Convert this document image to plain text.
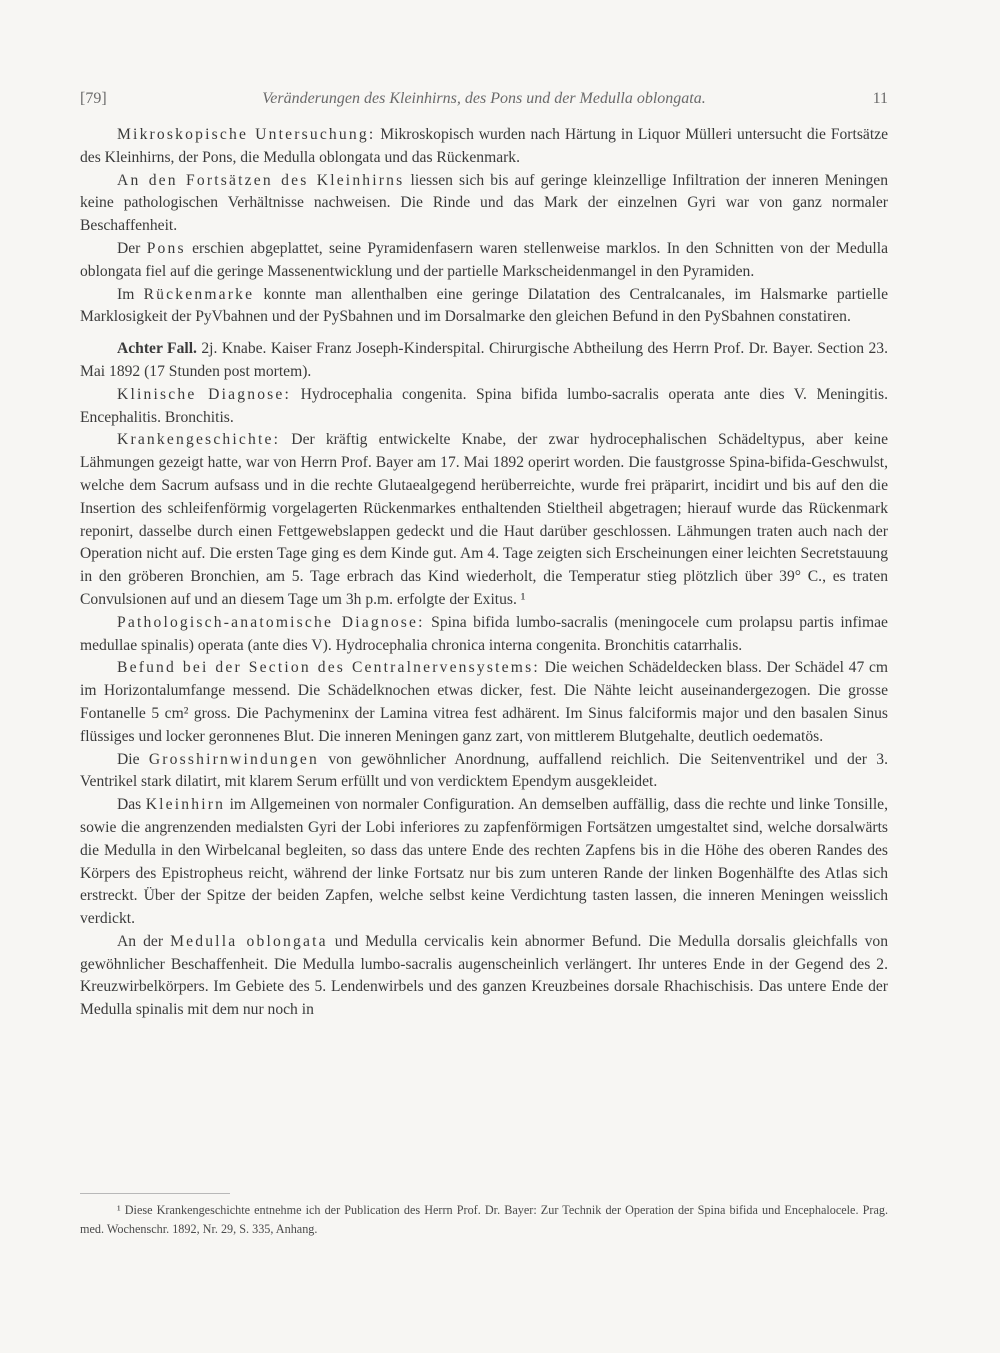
[79]	Veränderungen des Kleinhirns, des Pons und der Medulla oblongata.	11

Mikroskopische Untersuchung: Mikroskopisch wurden nach Härtung in Liquor Mülleri untersucht die Fortsätze des Kleinhirns, der Pons, die Medulla oblongata und das Rückenmark.

An den Fortsätzen des Kleinhirns liessen sich bis auf geringe kleinzellige Infiltration der inneren Meningen keine pathologischen Verhältnisse nachweisen. Die Rinde und das Mark der einzelnen Gyri war von ganz normaler Beschaffenheit.

Der Pons erschien abgeplattet, seine Pyramidenfasern waren stellenweise marklos. In den Schnitten von der Medulla oblongata fiel auf die geringe Massenentwicklung und der partielle Markscheidenmangel in den Pyramiden.

Im Rückenmarke konnte man allenthalben eine geringe Dilatation des Centralcanales, im Halsmarke partielle Marklosigkeit der PyVbahnen und der PySbahnen und im Dorsalmarke den gleichen Befund in den PySbahnen constatiren.

Achter Fall. 2j. Knabe. Kaiser Franz Joseph-Kinderspital. Chirurgische Abtheilung des Herrn Prof. Dr. Bayer. Section 23. Mai 1892 (17 Stunden post mortem).

Klinische Diagnose: Hydrocephalia congenita. Spina bifida lumbo-sacralis operata ante dies V. Meningitis. Encephalitis. Bronchitis.

Krankengeschichte: Der kräftig entwickelte Knabe, der zwar hydrocephalischen Schädeltypus, aber keine Lähmungen gezeigt hatte, war von Herrn Prof. Bayer am 17. Mai 1892 operirt worden. Die faustgrosse Spina-bifida-Geschwulst, welche dem Sacrum aufsass und in die rechte Glutaealgegend herüberreichte, wurde frei präparirt, incidirt und bis auf den die Insertion des schleifenförmig vorgelagerten Rückenmarkes enthaltenden Stieltheil abgetragen; hierauf wurde das Rückenmark reponirt, dasselbe durch einen Fettgewebslappen gedeckt und die Haut darüber geschlossen. Lähmungen traten auch nach der Operation nicht auf. Die ersten Tage ging es dem Kinde gut. Am 4. Tage zeigten sich Erscheinungen einer leichten Secretstauung in den gröberen Bronchien, am 5. Tage erbrach das Kind wiederholt, die Temperatur stieg plötzlich über 39° C., es traten Convulsionen auf und an diesem Tage um 3h p.m. erfolgte der Exitus. ¹

Pathologisch-anatomische Diagnose: Spina bifida lumbo-sacralis (meningocele cum prolapsu partis infimae medullae spinalis) operata (ante dies V). Hydrocephalia chronica interna congenita. Bronchitis catarrhalis.

Befund bei der Section des Centralnervensystems: Die weichen Schädeldecken blass. Der Schädel 47 cm im Horizontalumfange messend. Die Schädelknochen etwas dicker, fest. Die Nähte leicht auseinandergezogen. Die grosse Fontanelle 5 cm² gross. Die Pachymeninx der Lamina vitrea fest adhärent. Im Sinus falciformis major und den basalen Sinus flüssiges und locker geronnenes Blut. Die inneren Meningen ganz zart, von mittlerem Blutgehalte, deutlich oedematös.

Die Grosshirnwindungen von gewöhnlicher Anordnung, auffallend reichlich. Die Seitenventrikel und der 3. Ventrikel stark dilatirt, mit klarem Serum erfüllt und von verdicktem Ependym ausgekleidet.

Das Kleinhirn im Allgemeinen von normaler Configuration. An demselben auffällig, dass die rechte und linke Tonsille, sowie die angrenzenden medialsten Gyri der Lobi inferiores zu zapfenförmigen Fortsätzen umgestaltet sind, welche dorsalwärts die Medulla in den Wirbelcanal begleiten, so dass das untere Ende des rechten Zapfens bis in die Höhe des oberen Randes des Körpers des Epistropheus reicht, während der linke Fortsatz nur bis zum unteren Rande der linken Bogenhälfte des Atlas sich erstreckt. Über der Spitze der beiden Zapfen, welche selbst keine Verdichtung tasten lassen, die inneren Meningen weisslich verdickt.

An der Medulla oblongata und Medulla cervicalis kein abnormer Befund. Die Medulla dorsalis gleichfalls von gewöhnlicher Beschaffenheit. Die Medulla lumbo-sacralis augenscheinlich verlängert. Ihr unteres Ende in der Gegend des 2. Kreuzwirbelkörpers. Im Gebiete des 5. Lendenwirbels und des ganzen Kreuzbeines dorsale Rhachischisis. Das untere Ende der Medulla spinalis mit dem nur noch in

¹ Diese Krankengeschichte entnehme ich der Publication des Herrn Prof. Dr. Bayer: Zur Technik der Operation der Spina bifida und Encephalocele. Prag. med. Wochenschr. 1892, Nr. 29, S. 335, Anhang.
